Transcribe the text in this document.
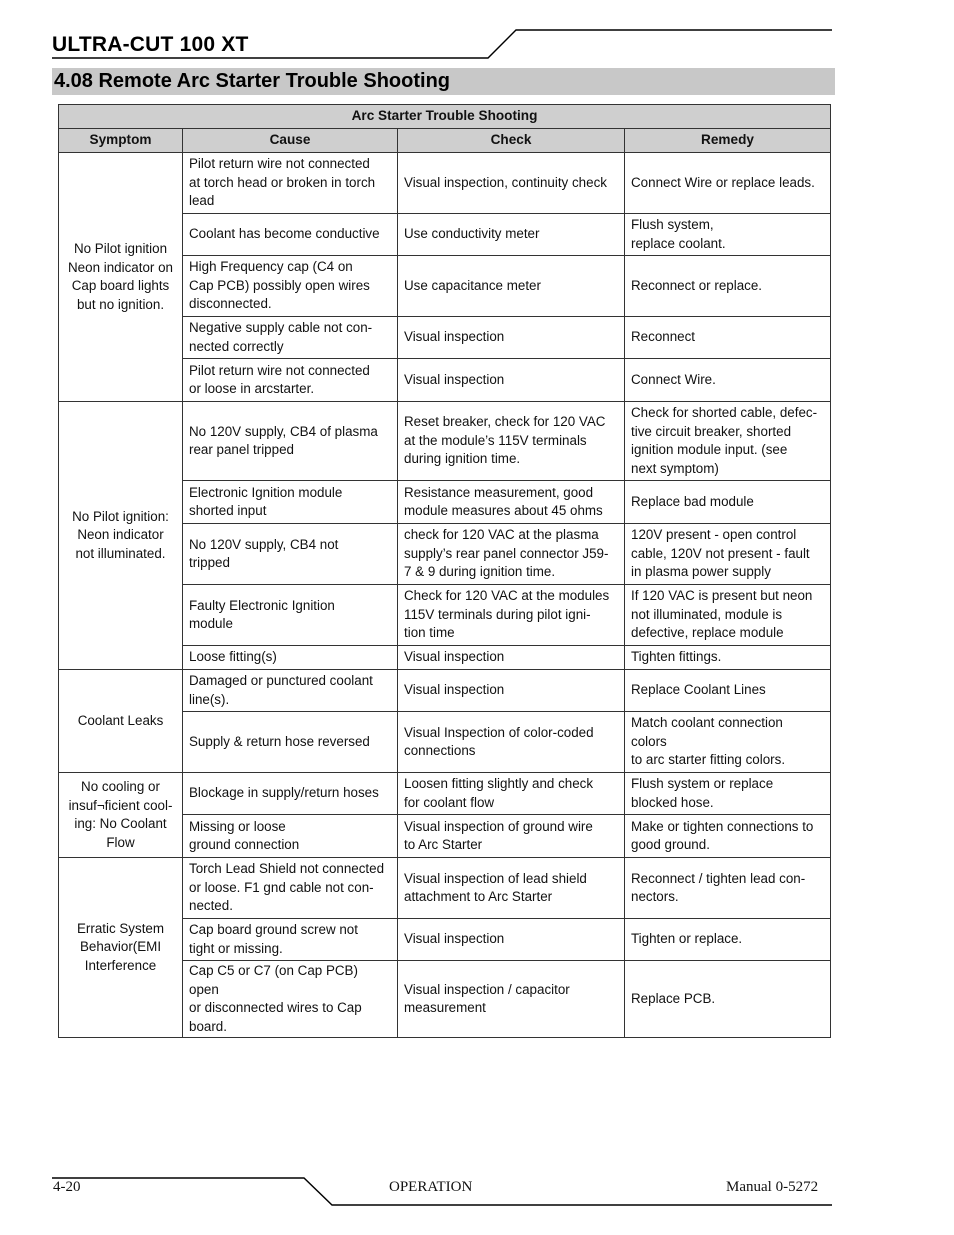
ULTRA-CUT 100 XT
4.08 Remote Arc Starter Trouble Shooting
Arc Starter Trouble Shooting			
Symptom	Cause	Check	Remedy

No Pilot ignition
Neon indicator on
Cap board lights
but no ignition.	Pilot return wire not connected
at torch head or broken in torch
lead	Visual inspection, continuity check	Connect Wire or replace leads.

	Coolant has become conductive	Use conductivity meter	Flush system,
replace coolant.

	High Frequency cap (C4 on
Cap PCB) possibly open wires
disconnected.	Use capacitance meter	Reconnect or replace.

	Negative supply cable not con-
nected correctly	Visual inspection	Reconnect

	Pilot return wire not connected
or loose in arcstarter.	Visual inspection	Connect Wire.

No Pilot ignition:
Neon indicator
not illuminated.	No 120V supply, CB4 of plasma
rear panel tripped	Reset breaker, check for 120 VAC
at the module’s 115V terminals
during ignition time.	Check for shorted cable, defec-
tive circuit breaker, shorted
ignition module input. (see
next symptom)

	Electronic Ignition module
shorted input	Resistance measurement, good
module measures about 45 ohms	Replace bad module

	No 120V supply, CB4 not
tripped	check for 120 VAC at the plasma
supply’s rear panel connector J59-
7 & 9 during ignition time.	120V present - open control
cable, 120V not present - fault
in plasma power supply

	Faulty Electronic Ignition
module	Check for 120 VAC at the modules
115V terminals during pilot igni-
tion time	If 120 VAC is present but neon
not illuminated, module is
defective, replace module

	Loose fitting(s)	Visual inspection	Tighten fittings.

Coolant Leaks	Damaged or punctured coolant
line(s).	Visual inspection	Replace Coolant Lines

	Supply & return hose reversed	Visual Inspection of color-coded
connections	Match coolant connection
colors
to arc starter fitting colors.

No cooling or
insuf¬ficient cool-
ing: No Coolant
Flow	Blockage in supply/return hoses	Loosen fitting slightly and check
for coolant flow	Flush system or replace
blocked hose.

	Missing or loose
ground connection	Visual inspection of ground wire
to Arc Starter	Make or tighten connections to
good ground.

Erratic System
Behavior(EMI
Interference	Torch Lead Shield not connected
or loose. F1 gnd cable not con-
nected.	Visual inspection of lead shield
attachment to Arc Starter	Reconnect / tighten lead con-
nectors.

	Cap board ground screw not
tight or missing.	Visual inspection	Tighten or replace.

	Cap C5 or C7 (on Cap PCB) open
or disconnected wires to Cap
board.	Visual inspection / capacitor
measurement	Replace PCB.
4-20	OPERATION	Manual 0-5272
